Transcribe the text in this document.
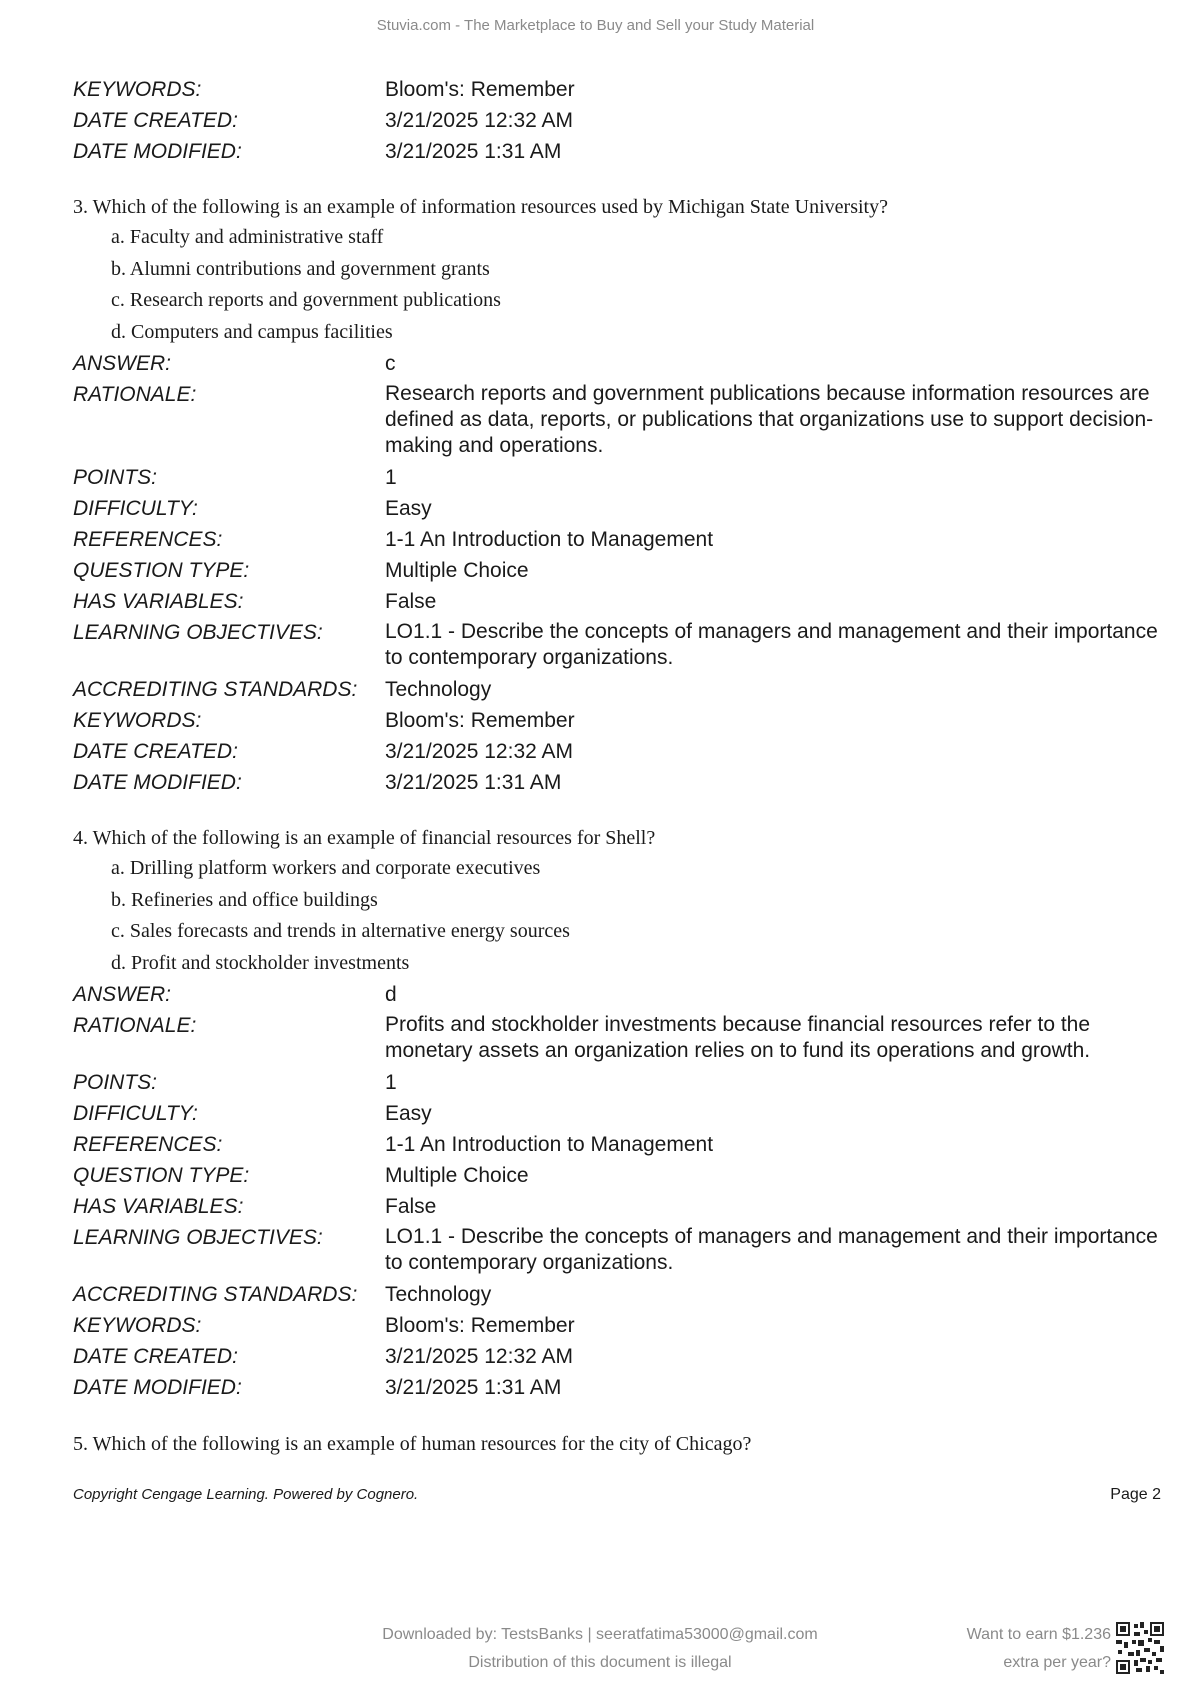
Stuvia.com - The Marketplace to Buy and Sell your Study Material
KEYWORDS:	Bloom's: Remember
DATE CREATED:	3/21/2025 12:32 AM
DATE MODIFIED:	3/21/2025 1:31 AM
3. Which of the following is an example of information resources used by Michigan State University?
a. Faculty and administrative staff
b. Alumni contributions and government grants
c. Research reports and government publications
d. Computers and campus facilities
ANSWER:	c
RATIONALE:	Research reports and government publications because information resources are defined as data, reports, or publications that organizations use to support decision-making and operations.
POINTS:	1
DIFFICULTY:	Easy
REFERENCES:	1-1 An Introduction to Management
QUESTION TYPE:	Multiple Choice
HAS VARIABLES:	False
LEARNING OBJECTIVES:	LO1.1 - Describe the concepts of managers and management and their importance to contemporary organizations.
ACCREDITING STANDARDS:	Technology
KEYWORDS:	Bloom's: Remember
DATE CREATED:	3/21/2025 12:32 AM
DATE MODIFIED:	3/21/2025 1:31 AM
4. Which of the following is an example of financial resources for Shell?
a. Drilling platform workers and corporate executives
b. Refineries and office buildings
c. Sales forecasts and trends in alternative energy sources
d. Profit and stockholder investments
ANSWER:	d
RATIONALE:	Profits and stockholder investments because financial resources refer to the monetary assets an organization relies on to fund its operations and growth.
POINTS:	1
DIFFICULTY:	Easy
REFERENCES:	1-1 An Introduction to Management
QUESTION TYPE:	Multiple Choice
HAS VARIABLES:	False
LEARNING OBJECTIVES:	LO1.1 - Describe the concepts of managers and management and their importance to contemporary organizations.
ACCREDITING STANDARDS:	Technology
KEYWORDS:	Bloom's: Remember
DATE CREATED:	3/21/2025 12:32 AM
DATE MODIFIED:	3/21/2025 1:31 AM
5. Which of the following is an example of human resources for the city of Chicago?
Copyright Cengage Learning. Powered by Cognero.	Page 2
Downloaded by: TestsBanks | seeratfatima53000@gmail.com
Distribution of this document is illegal
Want to earn $1.236
extra per year?
